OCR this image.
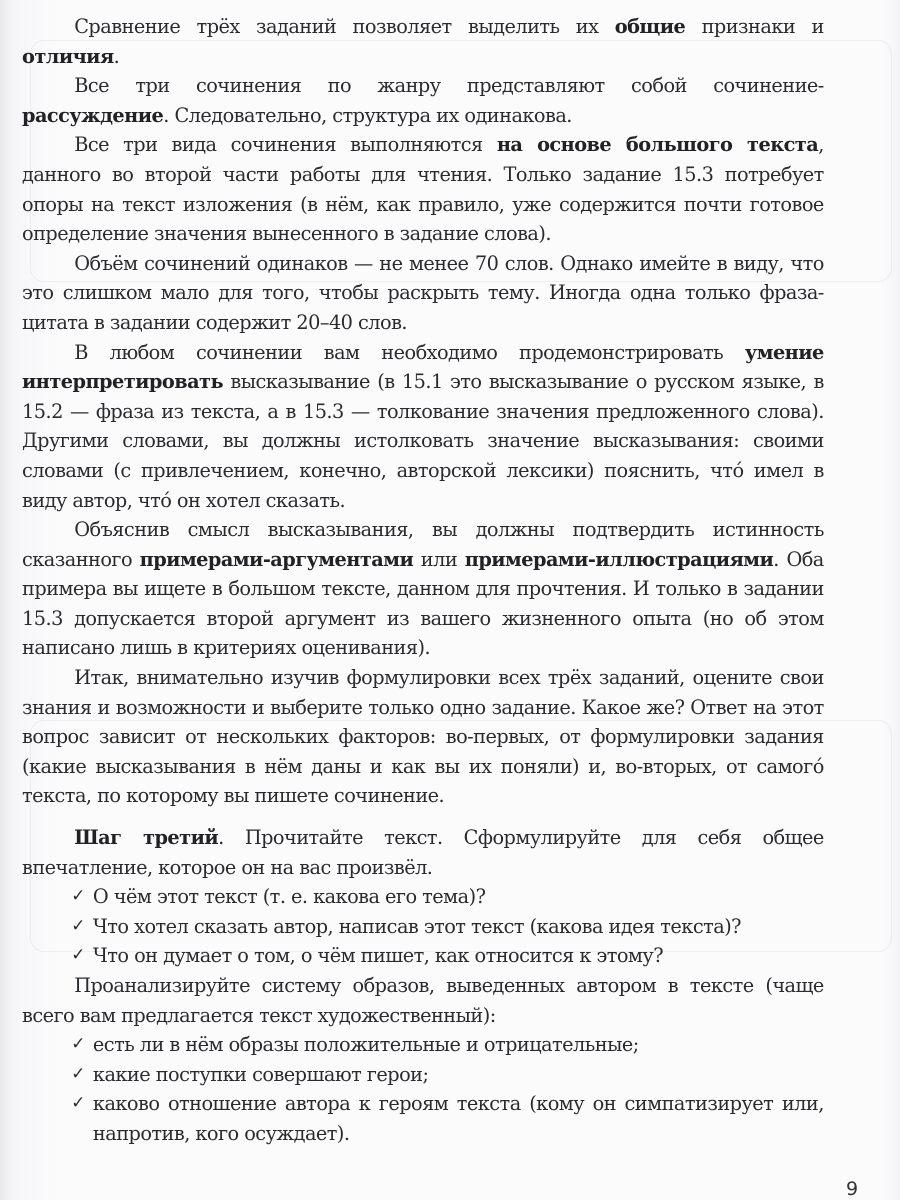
Сравнение трёх заданий позволяет выделить их общие признаки и отличия.

Все три сочинения по жанру представляют собой сочинение-рассуждение. Следовательно, структура их одинакова.

Все три вида сочинения выполняются на основе большого текста, данного во второй части работы для чтения. Только задание 15.3 потребует опоры на текст изложения (в нём, как правило, уже содержится почти готовое определение значения вынесенного в задание слова).

Объём сочинений одинаков — не менее 70 слов. Однако имейте в виду, что это слишком мало для того, чтобы раскрыть тему. Иногда одна только фраза-цитата в задании содержит 20–40 слов.

В любом сочинении вам необходимо продемонстрировать умение интерпретировать высказывание (в 15.1 это высказывание о русском языке, в 15.2 — фраза из текста, а в 15.3 — толкование значения предложенного слова). Другими словами, вы должны истолковать значение высказывания: своими словами (с привлечением, конечно, авторской лексики) пояснить, что́ имел в виду автор, что́ он хотел сказать.

Объяснив смысл высказывания, вы должны подтвердить истинность сказанного примерами-аргументами или примерами-иллюстрациями. Оба примера вы ищете в большом тексте, данном для прочтения. И только в задании 15.3 допускается второй аргумент из вашего жизненного опыта (но об этом написано лишь в критериях оценивания).

Итак, внимательно изучив формулировки всех трёх заданий, оцените свои знания и возможности и выберите только одно задание. Какое же? Ответ на этот вопрос зависит от нескольких факторов: во-первых, от формулировки задания (какие высказывания в нём даны и как вы их поняли) и, во-вторых, от самого́ текста, по которому вы пишете сочинение.

Шаг третий. Прочитайте текст. Сформулируйте для себя общее впечатление, которое он на вас произвёл.

✓ О чём этот текст (т. е. какова его тема)?
✓ Что хотел сказать автор, написав этот текст (какова идея текста)?
✓ Что он думает о том, о чём пишет, как относится к этому?

Проанализируйте систему образов, выведенных автором в тексте (чаще всего вам предлагается текст художественный):

✓ есть ли в нём образы положительные и отрицательные;
✓ какие поступки совершают герои;
✓ каково отношение автора к героям текста (кому он симпатизирует или, напротив, кого осуждает).
9
